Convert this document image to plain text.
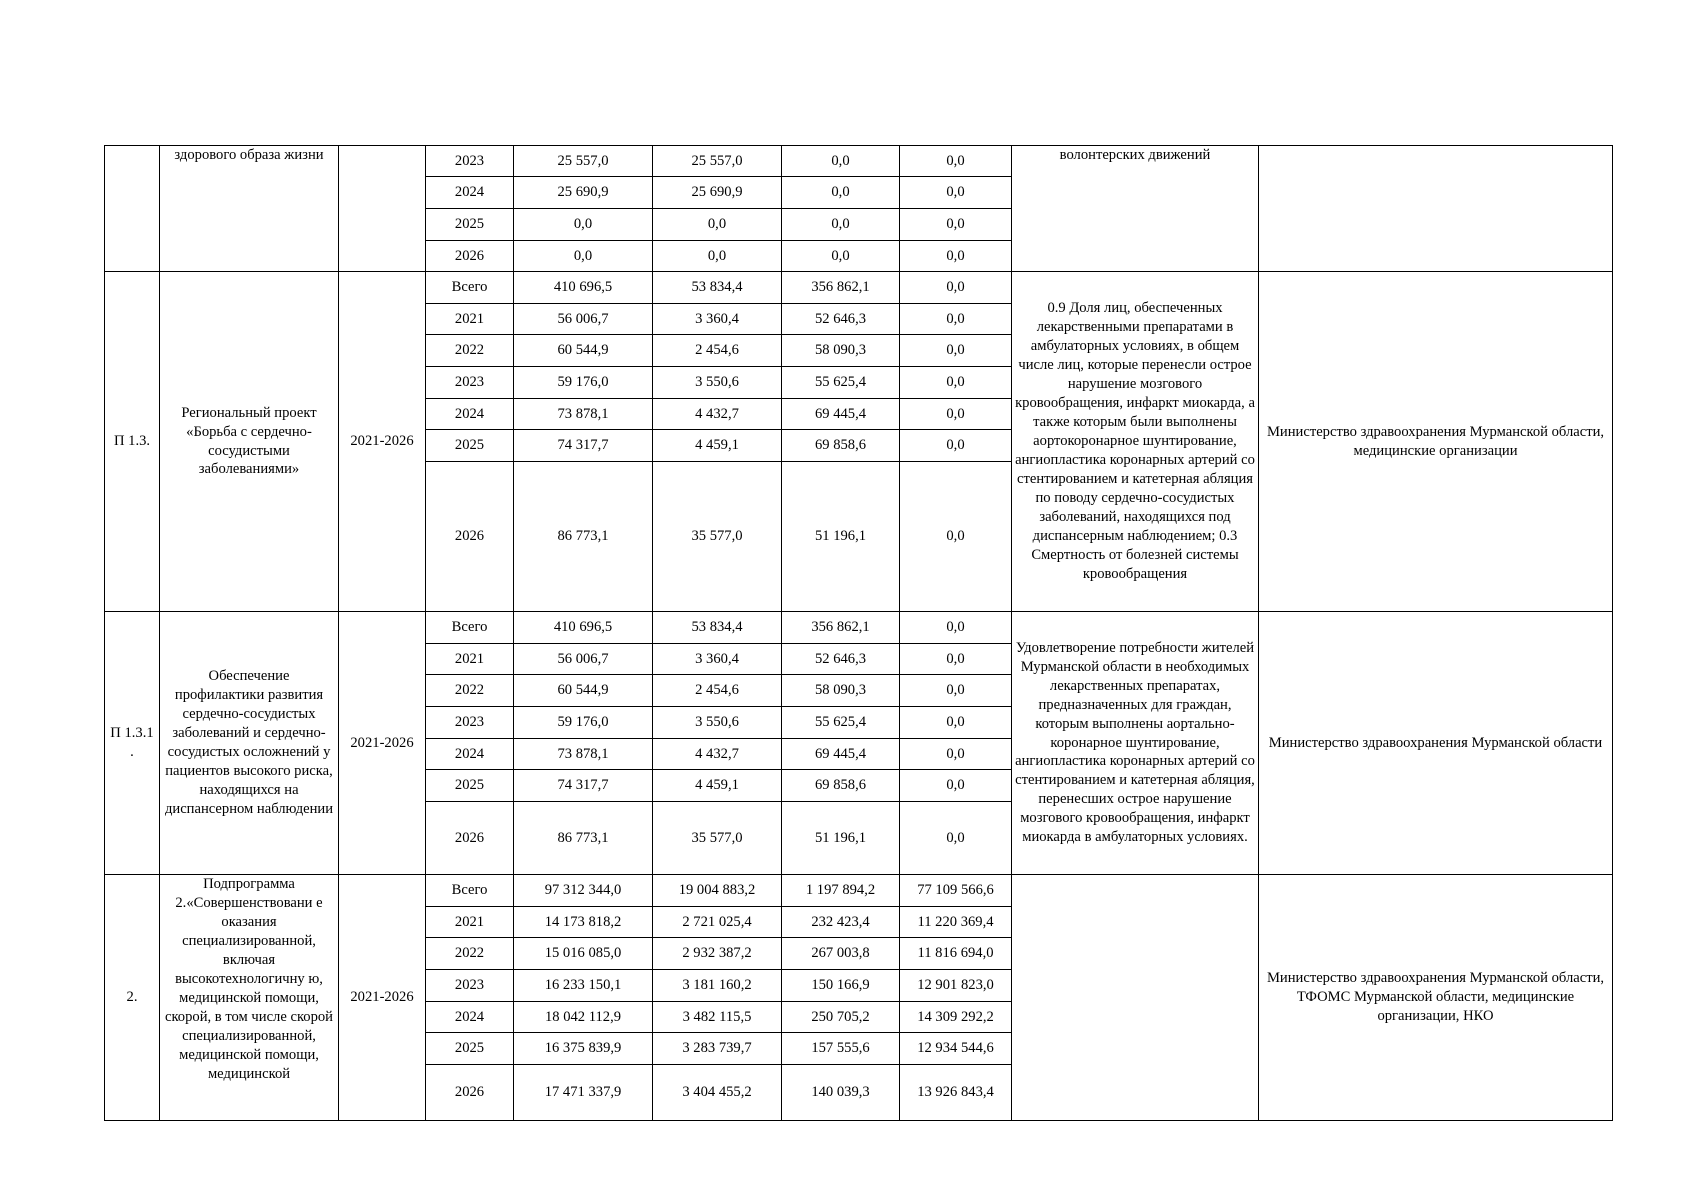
	здорового образа жизни		2023	25 557,0	25 557,0	0,0	0,0	волонтерских движений	
			2024	25 690,9	25 690,9	0,0	0,0		
			2025	0,0	0,0	0,0	0,0		
			2026	0,0	0,0	0,0	0,0		
П 1.3.	Региональный проект «Борьба с сердечно-сосудистыми заболеваниями»	2021-2026	Всего	410 696,5	53 834,4	356 862,1	0,0	0.9 Доля лиц, обеспеченных лекарственными препаратами в амбулаторных условиях, в общем числе лиц, которые перенесли острое нарушение мозгового кровообращения, инфаркт миокарда, а также которым были выполнены аортокоронарное шунтирование, ангиопластика коронарных артерий со стентированием и катетерная абляция по поводу сердечно-сосудистых заболеваний, находящихся под диспансерным наблюдением; 0.3 Смертность от болезней системы кровообращения	Министерство здравоохранения Мурманской области, медицинские организации
			2021	56 006,7	3 360,4	52 646,3	0,0		
			2022	60 544,9	2 454,6	58 090,3	0,0		
			2023	59 176,0	3 550,6	55 625,4	0,0		
			2024	73 878,1	4 432,7	69 445,4	0,0		
			2025	74 317,7	4 459,1	69 858,6	0,0		
			2026	86 773,1	35 577,0	51 196,1	0,0		
П 1.3.1 .	Обеспечение профилактики развития сердечно-сосудистых заболеваний и сердечно-сосудистых осложнений у пациентов высокого риска, находящихся на диспансерном наблюдении	2021-2026	Всего	410 696,5	53 834,4	356 862,1	0,0	Удовлетворение потребности жителей Мурманской области в необходимых лекарственных препаратах, предназначенных для граждан, которым выполнены аортально-коронарное шунтирование, ангиопластика коронарных артерий со стентированием и катетерная абляция, перенесших острое нарушение мозгового кровообращения, инфаркт миокарда в амбулаторных условиях.	Министерство здравоохранения Мурманской области
			2021	56 006,7	3 360,4	52 646,3	0,0		
			2022	60 544,9	2 454,6	58 090,3	0,0		
			2023	59 176,0	3 550,6	55 625,4	0,0		
			2024	73 878,1	4 432,7	69 445,4	0,0		
			2025	74 317,7	4 459,1	69 858,6	0,0		
			2026	86 773,1	35 577,0	51 196,1	0,0		
2.	Подпрограмма 2.«Совершенствовани е оказания специализированной, включая высокотехнологичну ю, медицинской помощи, скорой, в том числе скорой специализированной, медицинской помощи, медицинской	2021-2026	Всего	97 312 344,0	19 004 883,2	1 197 894,2	77 109 566,6		Министерство здравоохранения Мурманской области, ТФОМС Мурманской области, медицинские организации, НКО
			2021	14 173 818,2	2 721 025,4	232 423,4	11 220 369,4		
			2022	15 016 085,0	2 932 387,2	267 003,8	11 816 694,0		
			2023	16 233 150,1	3 181 160,2	150 166,9	12 901 823,0		
			2024	18 042 112,9	3 482 115,5	250 705,2	14 309 292,2		
			2025	16 375 839,9	3 283 739,7	157 555,6	12 934 544,6		
			2026	17 471 337,9	3 404 455,2	140 039,3	13 926 843,4		
